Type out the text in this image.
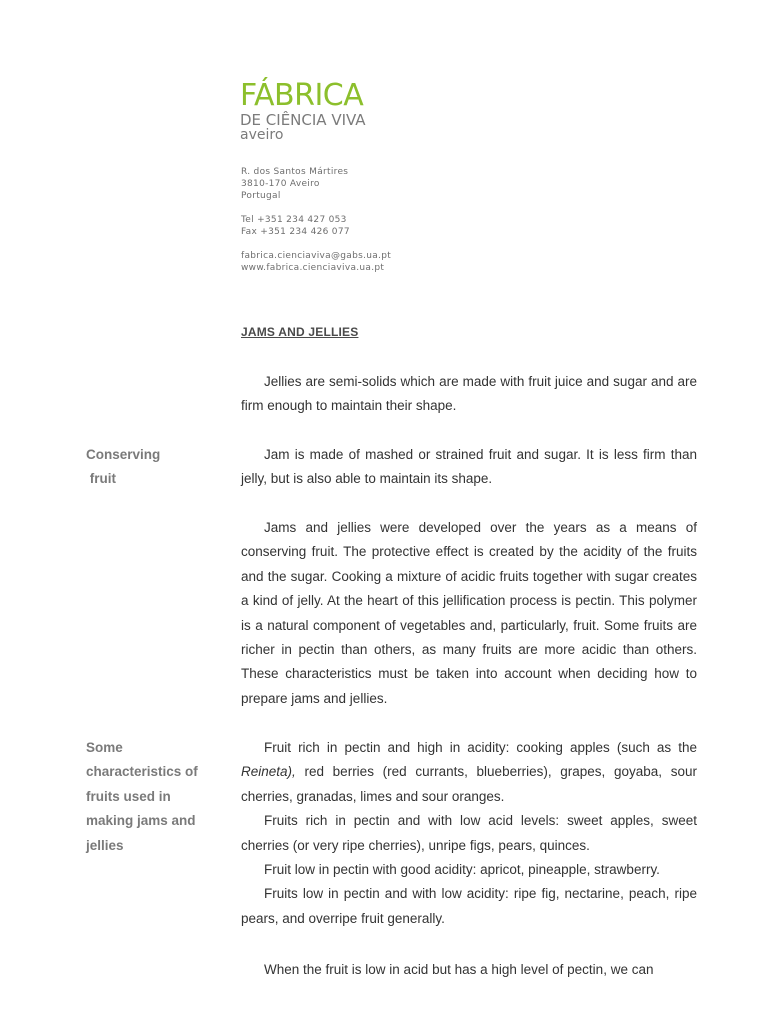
FÁBRICA
DE CIÊNCIA VIVA
aveiro
R. dos Santos Mártires
3810-170 Aveiro
Portugal
Tel +351 234 427 053
Fax +351 234 426 077
fabrica.cienciaviva@gabs.ua.pt
www.fabrica.cienciaviva.ua.pt
JAMS AND JELLIES
Conserving
fruit
Some
characteristics of
fruits used in
making jams and
jellies

Jellies are semi-solids which are made with fruit juice and sugar and are firm enough to maintain their shape.

Jam is made of mashed or strained fruit and sugar. It is less firm than jelly, but is also able to maintain its shape.

Jams and jellies were developed over the years as a means of conserving fruit. The protective effect is created by the acidity of the fruits and the sugar. Cooking a mixture of acidic fruits together with sugar creates a kind of jelly. At the heart of this jellification process is pectin. This polymer is a natural component of vegetables and, particularly, fruit. Some fruits are richer in pectin than others, as many fruits are more acidic than others. These characteristics must be taken into account when deciding how to prepare jams and jellies.

Fruit rich in pectin and high in acidity: cooking apples (such as the Reineta), red berries (red currants, blueberries), grapes, goyaba, sour cherries, granadas, limes and sour oranges.

Fruits rich in pectin and with low acid levels: sweet apples, sweet cherries (or very ripe cherries), unripe figs, pears, quinces.

Fruit low in pectin with good acidity: apricot, pineapple, strawberry.

Fruits low in pectin and with low acidity: ripe fig, nectarine, peach, ripe pears, and overripe fruit generally.

When the fruit is low in acid but has a high level of pectin, we can
